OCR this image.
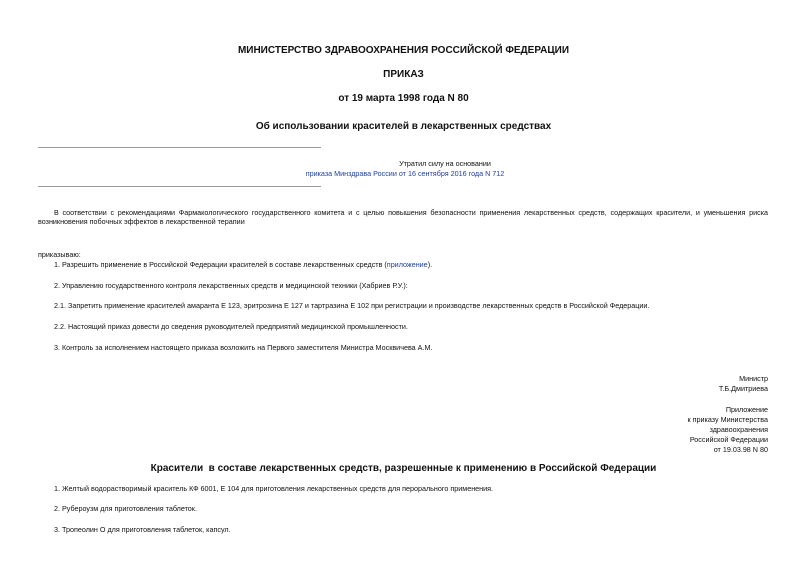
МИНИСТЕРСТВО ЗДРАВООХРАНЕНИЯ РОССИЙСКОЙ ФЕДЕРАЦИИ
ПРИКАЗ
от 19 марта 1998 года N 80
Об использовании красителей в лекарственных средствах
Утратил силу на основании
приказа Минздрава России от 16 сентября 2016 года N 712
В соответствии с рекомендациями Фармакологического государственного комитета и с целью повышения безопасности применения лекарственных средств, содержащих красители, и уменьшения риска возникновения побочных эффектов в лекарственной терапии
приказываю:
1. Разрешить применение в Российской Федерации красителей в составе лекарственных средств (приложение).
2. Управлению государственного контроля лекарственных средств и медицинской техники (Хабриев Р.У.):
2.1. Запретить применение красителей амаранта Е 123, эритрозина Е 127 и тартразина Е 102 при регистрации и производстве лекарственных средств в Российской Федерации.
2.2. Настоящий приказ довести до сведения руководителей предприятий медицинской промышленности.
3. Контроль за исполнением настоящего приказа возложить на Первого заместителя Министра Москвичева А.М.
Министр
Т.Б.Дмитриева
Приложение
к приказу Министерства
здравоохранения
Российской Федерации
от 19.03.98 N 80
Красители  в составе лекарственных средств, разрешенные к применению в Российской Федерации
1. Желтый водорастворимый краситель КФ 6001, Е 104 для приготовления лекарственных средств для перорального применения.
2. Рубероузм для приготовления таблеток.
3. Тропеолин О для приготовления таблеток, капсул.
